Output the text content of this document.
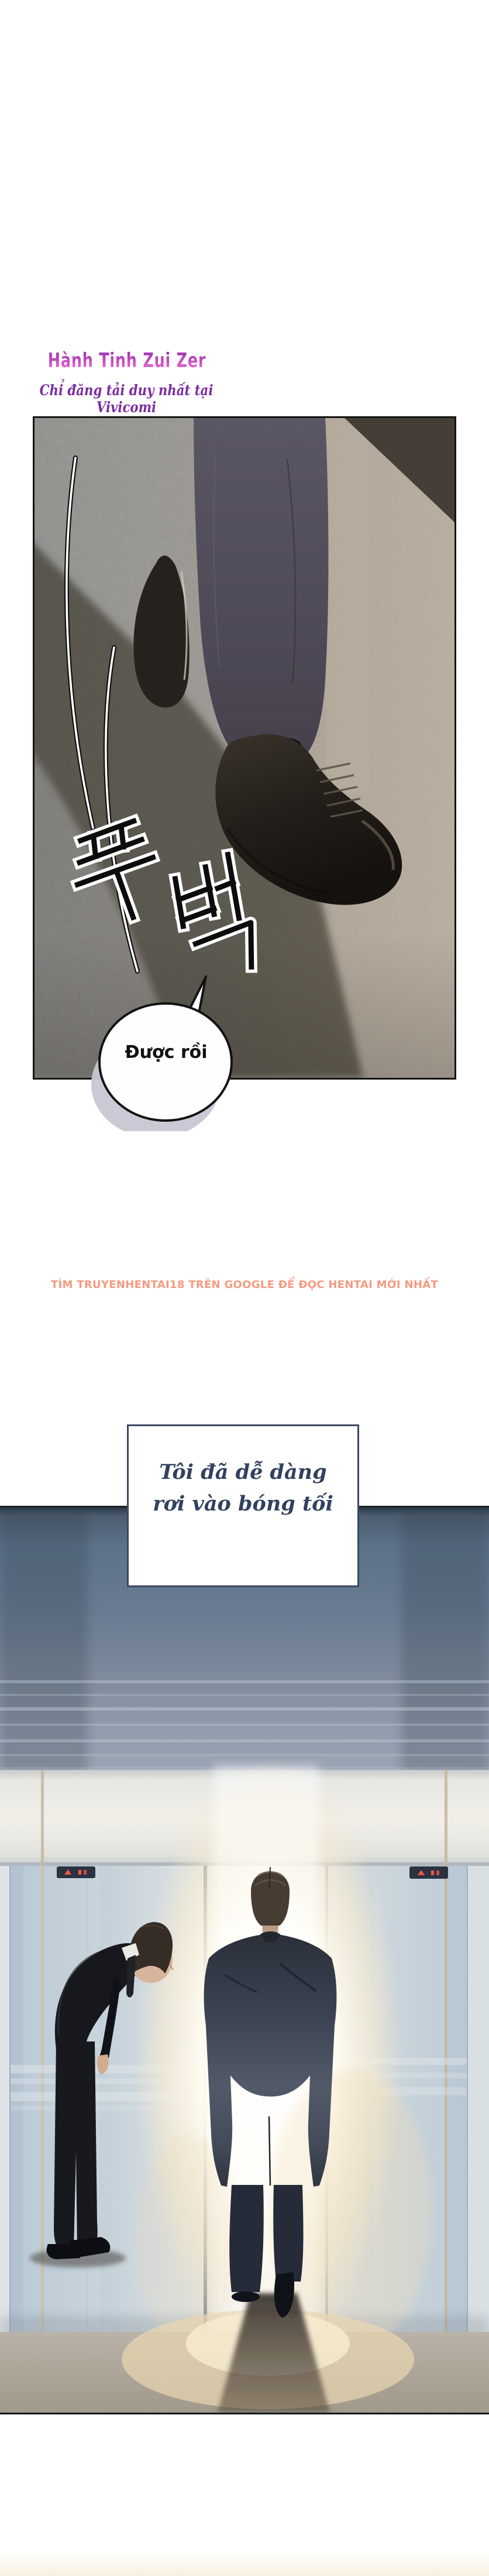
Hành Tinh Zui Zer
Chỉ đăng tải duy nhất tại Vivicomi
Được rồi
TÌM TRUYENHENTAI18 TRÊN GOOGLE ĐỂ ĐỌC HENTAI MỚI NHẤT
Tôi đã dễ dàng
rơi vào bóng tối
